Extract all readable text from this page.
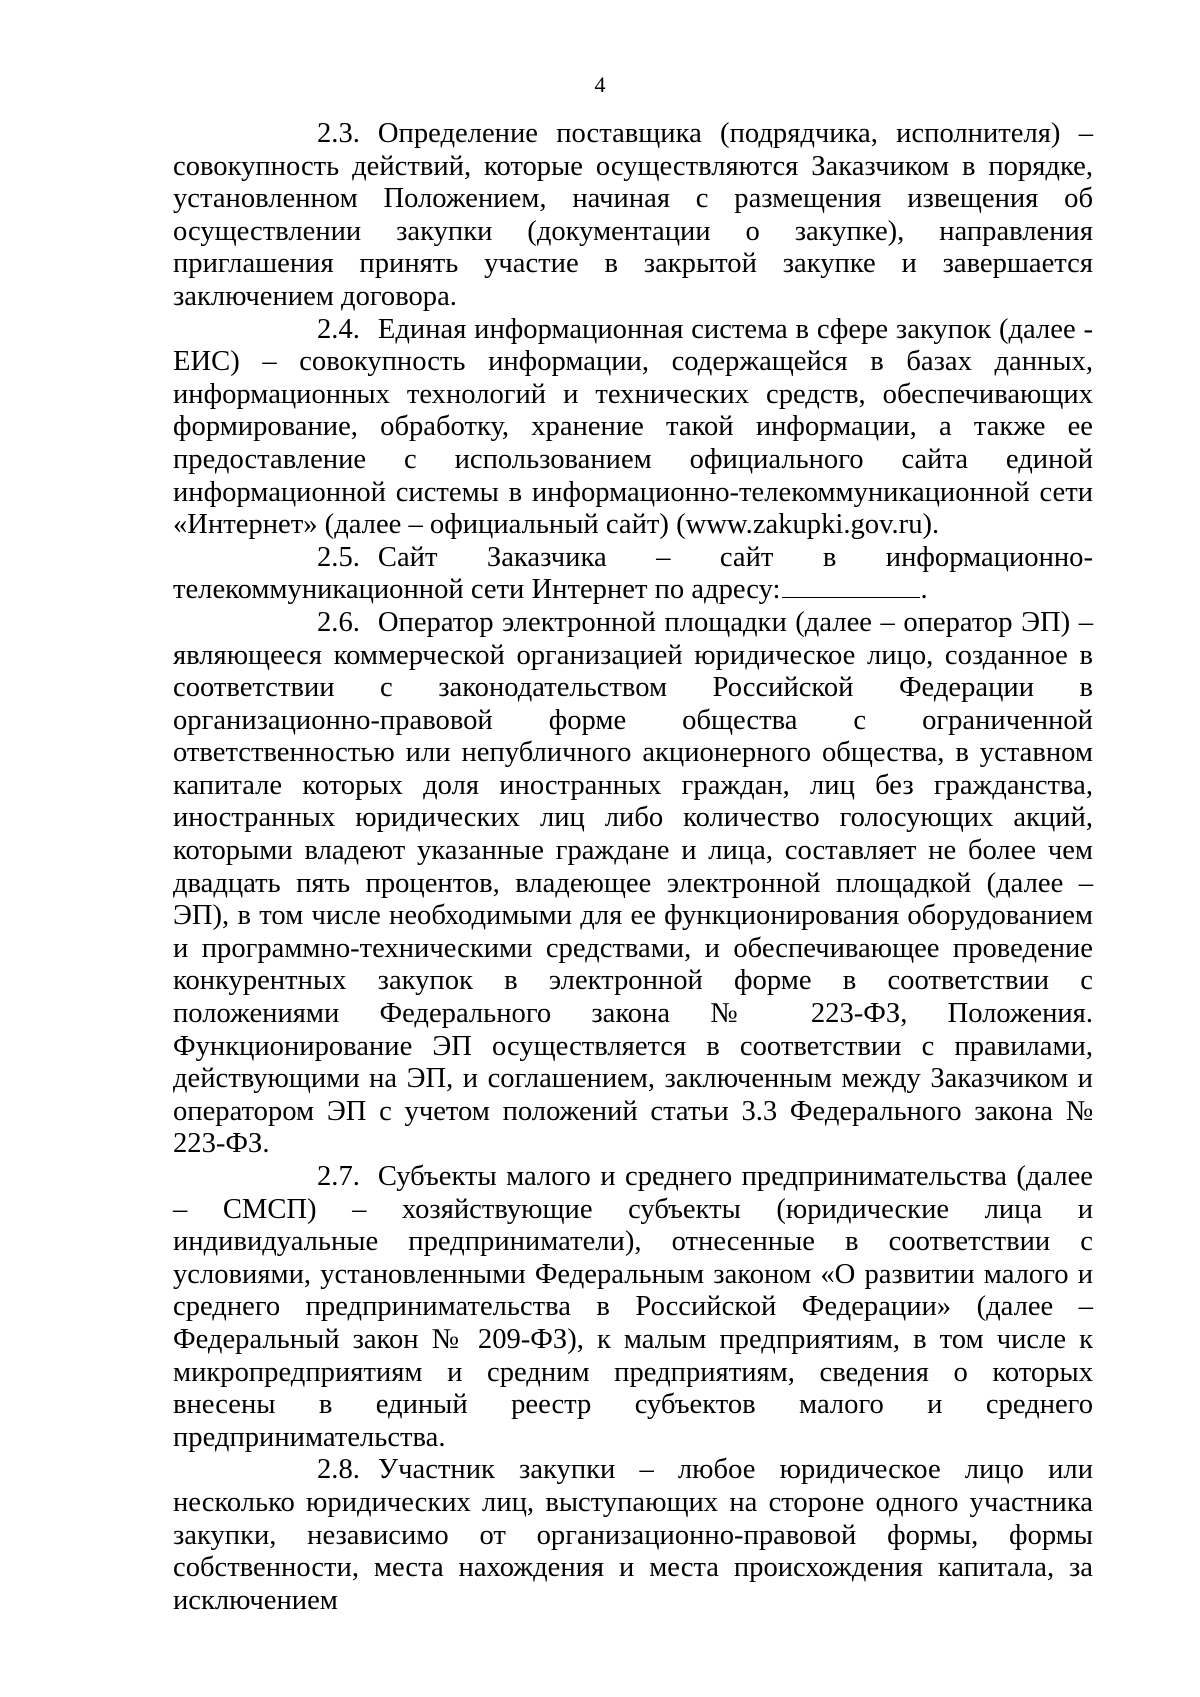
4

2.3. Определение поставщика (подрядчика, исполнителя) – совокупность действий, которые осуществляются Заказчиком в порядке, установленном Положением, начиная с размещения извещения об осуществлении закупки (документации о закупке), направления приглашения принять участие в закрытой закупке и завершается заключением договора.

2.4. Единая информационная система в сфере закупок (далее - ЕИС) – совокупность информации, содержащейся в базах данных, информационных технологий и технических средств, обеспечивающих формирование, обработку, хранение такой информации, а также ее предоставление с использованием официального сайта единой информационной системы в информационно-телекоммуникационной сети «Интернет» (далее – официальный сайт) (www.zakupki.gov.ru).

2.5. Сайт Заказчика – сайт в информационно-телекоммуникационной сети Интернет по адресу:	.

2.6. Оператор электронной площадки (далее – оператор ЭП) – являющееся коммерческой организацией юридическое лицо, созданное в соответствии с законодательством Российской Федерации в организационно-правовой форме общества с ограниченной ответственностью или непубличного акционерного общества, в уставном капитале которых доля иностранных граждан, лиц без гражданства, иностранных юридических лиц либо количество голосующих акций, которыми владеют указанные граждане и лица, составляет не более чем двадцать пять процентов, владеющее электронной площадкой (далее – ЭП), в том числе необходимыми для ее функционирования оборудованием и программно-техническими средствами, и обеспечивающее проведение конкурентных закупок в электронной форме в соответствии с положениями Федерального закона № 223-ФЗ, Положения. Функционирование ЭП осуществляется в соответствии с правилами, действующими на ЭП, и соглашением, заключенным между Заказчиком и оператором ЭП с учетом положений статьи 3.3 Федерального закона № 223-ФЗ.

2.7. Субъекты малого и среднего предпринимательства (далее – СМСП) – хозяйствующие субъекты (юридические лица и индивидуальные предприниматели), отнесенные в соответствии с условиями, установленными Федеральным законом «О развитии малого и среднего предпринимательства в Российской Федерации» (далее – Федеральный закон № 209-ФЗ), к малым предприятиям, в том числе к микропредприятиям и средним предприятиям, сведения о которых внесены в единый реестр субъектов малого и среднего предпринимательства.

2.8. Участник закупки – любое юридическое лицо или несколько юридических лиц, выступающих на стороне одного участника закупки, независимо от организационно-правовой формы, формы собственности, места нахождения и места происхождения капитала, за исключением
